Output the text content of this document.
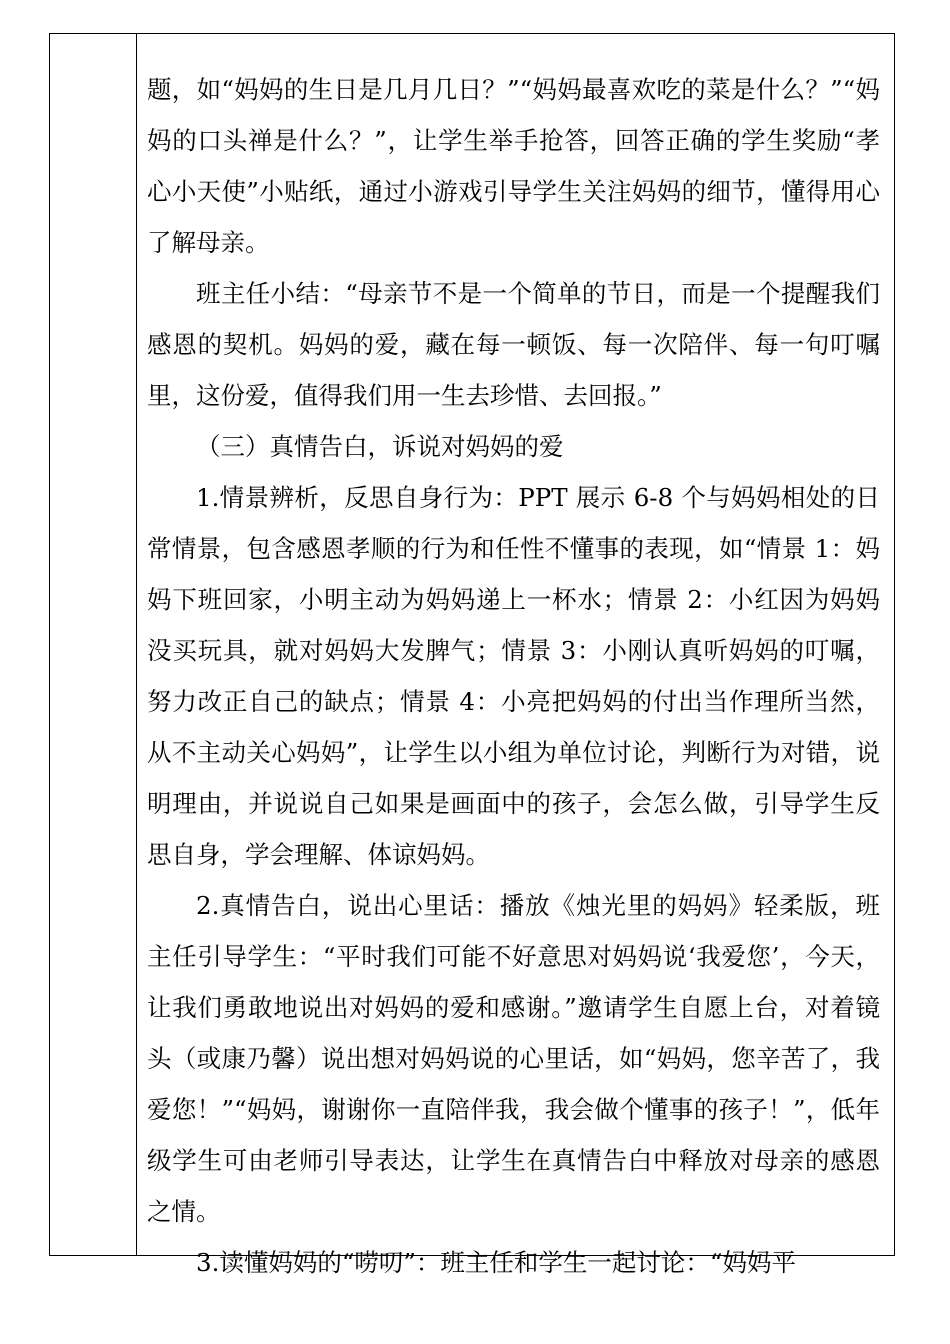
题，如“妈妈的生日是几月几日？”“妈妈最喜欢吃的菜是什么？”“妈妈的口头禅是什么？”，让学生举手抢答，回答正确的学生奖励“孝心小天使”小贴纸，通过小游戏引导学生关注妈妈的细节，懂得用心了解母亲。

班主任小结：“母亲节不是一个简单的节日，而是一个提醒我们感恩的契机。妈妈的爱，藏在每一顿饭、每一次陪伴、每一句叮嘱里，这份爱，值得我们用一生去珍惜、去回报。”

（三）真情告白，诉说对妈妈的爱

1.情景辨析，反思自身行为：PPT 展示 6-8 个与妈妈相处的日常情景，包含感恩孝顺的行为和任性不懂事的表现，如“情景 1：妈妈下班回家，小明主动为妈妈递上一杯水；情景 2：小红因为妈妈没买玩具，就对妈妈大发脾气；情景 3：小刚认真听妈妈的叮嘱，努力改正自己的缺点；情景 4：小亮把妈妈的付出当作理所当然，从不主动关心妈妈”，让学生以小组为单位讨论，判断行为对错，说明理由，并说说自己如果是画面中的孩子，会怎么做，引导学生反思自身，学会理解、体谅妈妈。

2.真情告白，说出心里话：播放《烛光里的妈妈》轻柔版，班主任引导学生：“平时我们可能不好意思对妈妈说‘我爱您’，今天，让我们勇敢地说出对妈妈的爱和感谢。”邀请学生自愿上台，对着镜头（或康乃馨）说出想对妈妈说的心里话，如“妈妈，您辛苦了，我爱您！”“妈妈，谢谢你一直陪伴我，我会做个懂事的孩子！”，低年级学生可由老师引导表达，让学生在真情告白中释放对母亲的感恩之情。

3.读懂妈妈的“唠叨”：班主任和学生一起讨论：“妈妈平
